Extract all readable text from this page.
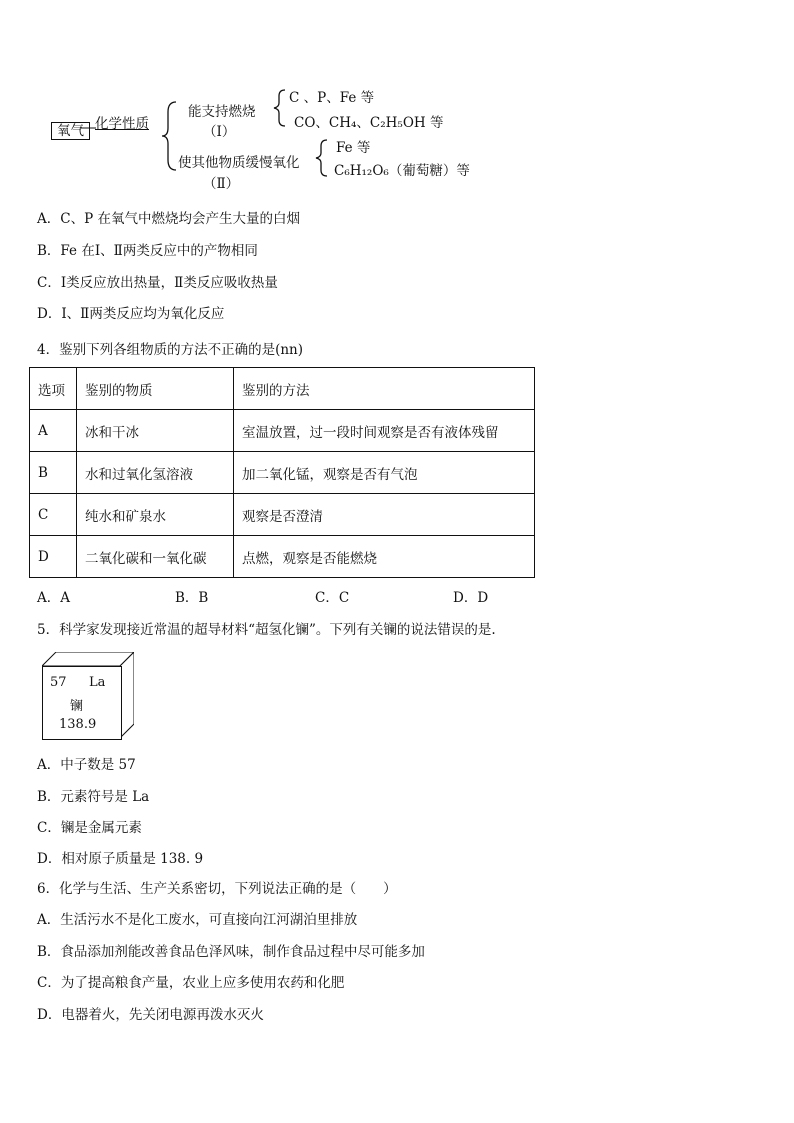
氧气 化学性质
能支持燃烧
（Ⅰ）
C 、P、Fe 等
CO、CH₄、C₂H₅OH 等
使其他物质缓慢氧化
（Ⅱ）
Fe 等
C₆H₁₂O₆（葡萄糖）等
A．C、P 在氧气中燃烧均会产生大量的白烟
B．Fe 在Ⅰ、Ⅱ两类反应中的产物相同
C．Ⅰ类反应放出热量，Ⅱ类反应吸收热量
D．Ⅰ、Ⅱ两类反应均为氧化反应
4．鉴别下列各组物质的方法不正确的是(nn)
选项	鉴别的物质	鉴别的方法
A	冰和干冰	室温放置，过一段时间观察是否有液体残留
B	水和过氧化氢溶液	加二氧化锰，观察是否有气泡
C	纯水和矿泉水	观察是否澄清
D	二氧化碳和一氧化碳	点燃，观察是否能燃烧
A．A	B．B	C．C	D．D
5．科学家发现接近常温的超导材料“超氢化镧”。下列有关镧的说法错误的是.
57 La
镧
138.9
A．中子数是 57
B．元素符号是 La
C．镧是金属元素
D．相对原子质量是 138. 9
6．化学与生活、生产关系密切，下列说法正确的是（　　）
A．生活污水不是化工废水，可直接向江河湖泊里排放
B．食品添加剂能改善食品色泽风味，制作食品过程中尽可能多加
C．为了提高粮食产量，农业上应多使用农药和化肥
D．电器着火，先关闭电源再泼水灭火
